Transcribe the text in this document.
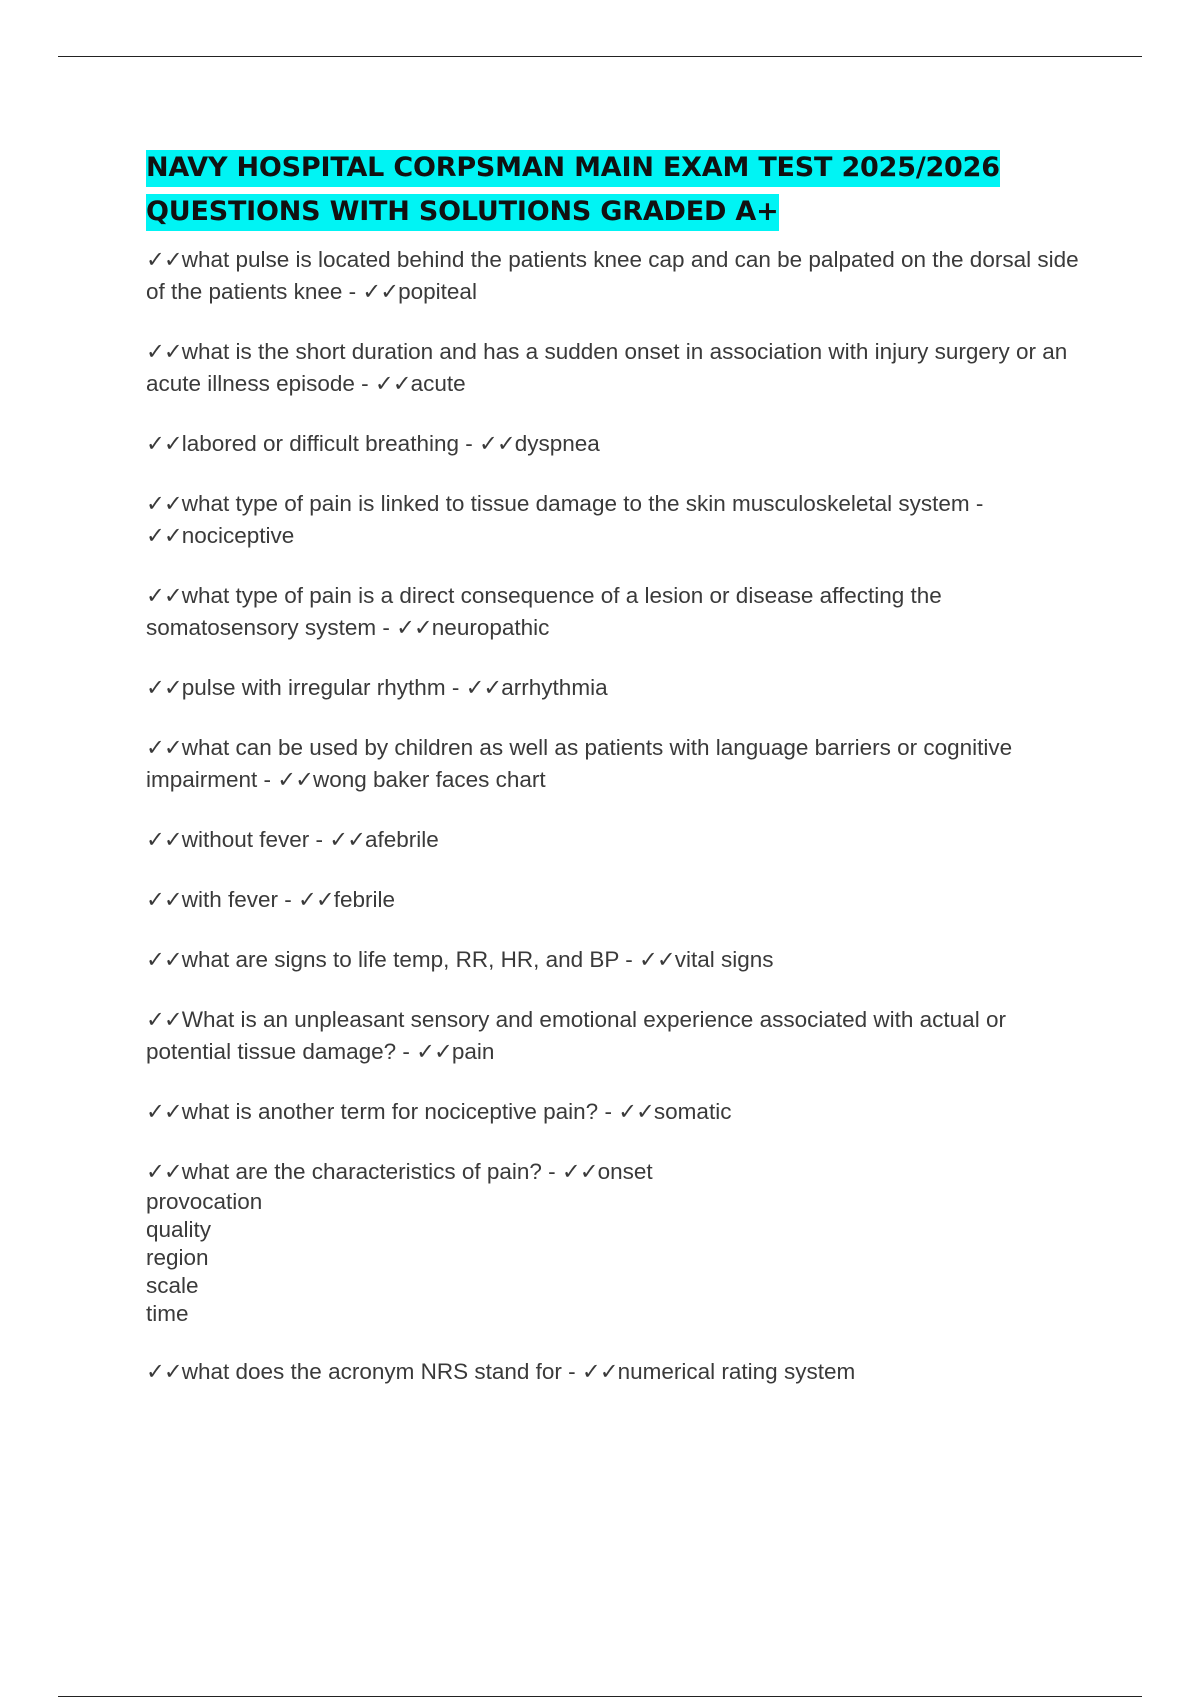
NAVY HOSPITAL CORPSMAN MAIN EXAM TEST 2025/2026 QUESTIONS WITH SOLUTIONS GRADED A+

✓✓what pulse is located behind the patients knee cap and can be palpated on the dorsal side of the patients knee - ✓✓popiteal

✓✓what is the short duration and has a sudden onset in association with injury surgery or an acute illness episode - ✓✓acute

✓✓labored or difficult breathing - ✓✓dyspnea

✓✓what type of pain is linked to tissue damage to the skin musculoskeletal system - ✓✓nociceptive

✓✓what type of pain is a direct consequence of a lesion or disease affecting the somatosensory system - ✓✓neuropathic

✓✓pulse with irregular rhythm - ✓✓arrhythmia

✓✓what can be used by children as well as patients with language barriers or cognitive impairment - ✓✓wong baker faces chart

✓✓without fever - ✓✓afebrile

✓✓with fever - ✓✓febrile

✓✓what are signs to life temp, RR, HR, and BP - ✓✓vital signs

✓✓What is an unpleasant sensory and emotional experience associated with actual or potential tissue damage? - ✓✓pain

✓✓what is another term for nociceptive pain? - ✓✓somatic

✓✓what are the characteristics of pain? - ✓✓onset
provocation
quality
region
scale
time

✓✓what does the acronym NRS stand for - ✓✓numerical rating system
